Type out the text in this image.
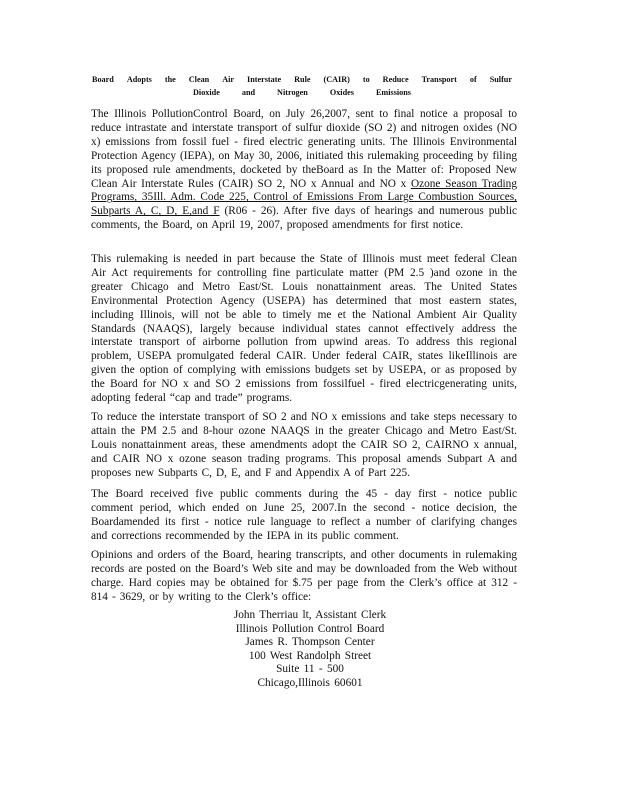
Board Adopts the Clean Air Interstate Rule (CAIR) to Reduce Transport of Sulfur
Dioxide	and	Nitrogen	Oxides	Emissions
The Illinois PollutionControl Board, on July 26,2007, sent to final notice a proposal to reduce intrastate and interstate transport of sulfur dioxide (SO 2) and nitrogen oxides (NO x) emissions from fossil fuel - fired electric generating units. The Illinois Environmental Protection Agency (IEPA), on May 30, 2006, initiated this rulemaking proceeding by filing its proposed rule amendments, docketed by theBoard as In the Matter of: Proposed New Clean Air Interstate Rules (CAIR) SO 2, NO x Annual and NO x Ozone Season Trading Programs, 35Ill. Adm. Code 225, Control of Emissions From Large Combustion Sources, Subparts A, C, D, E,and F (R06 - 26). After five days of hearings and numerous public comments, the Board, on April 19, 2007, proposed amendments for first notice.
This rulemaking is needed in part because the State of Illinois must meet federal Clean Air Act requirements for controlling fine particulate matter (PM 2.5 )and ozone in the greater Chicago and Metro East/St. Louis nonattainment areas. The United States Environmental Protection Agency (USEPA) has determined that most eastern states, including Illinois, will not be able to timely me et the National Ambient Air Quality Standards (NAAQS), largely because individual states cannot effectively address the interstate transport of airborne pollution from upwind areas. To address this regional problem, USEPA promulgated federal CAIR. Under federal CAIR, states likeIllinois are given the option of complying with emissions budgets set by USEPA, or as proposed by the Board for NO x and SO 2 emissions from fossilfuel - fired electricgenerating units, adopting federal “cap and trade” programs.
To reduce the interstate transport of SO 2 and NO x emissions and take steps necessary to attain the PM 2.5 and 8-hour ozone NAAQS in the greater Chicago and Metro East/St. Louis nonattainment areas, these amendments adopt the CAIR SO 2, CAIRNO x annual, and CAIR NO x ozone season trading programs. This proposal amends Subpart A and proposes new Subparts C, D, E, and F and Appendix A of Part 225.
The Board received five public comments during the 45 - day first - notice public comment period, which ended on June 25, 2007.In the second - notice decision, the Boardamended its first - notice rule language to reflect a number of clarifying changes and corrections recommended by the IEPA in its public comment.
Opinions and orders of the Board, hearing transcripts, and other documents in rulemaking records are posted on the Board’s Web site and may be downloaded from the Web without charge. Hard copies may be obtained for $.75 per page from the Clerk’s office at 312 - 814 - 3629, or by writing to the Clerk’s office:
John Therriau lt, Assistant Clerk
Illinois Pollution Control Board
James R. Thompson Center
100 West Randolph Street
Suite 11 - 500
Chicago,Illinois 60601
